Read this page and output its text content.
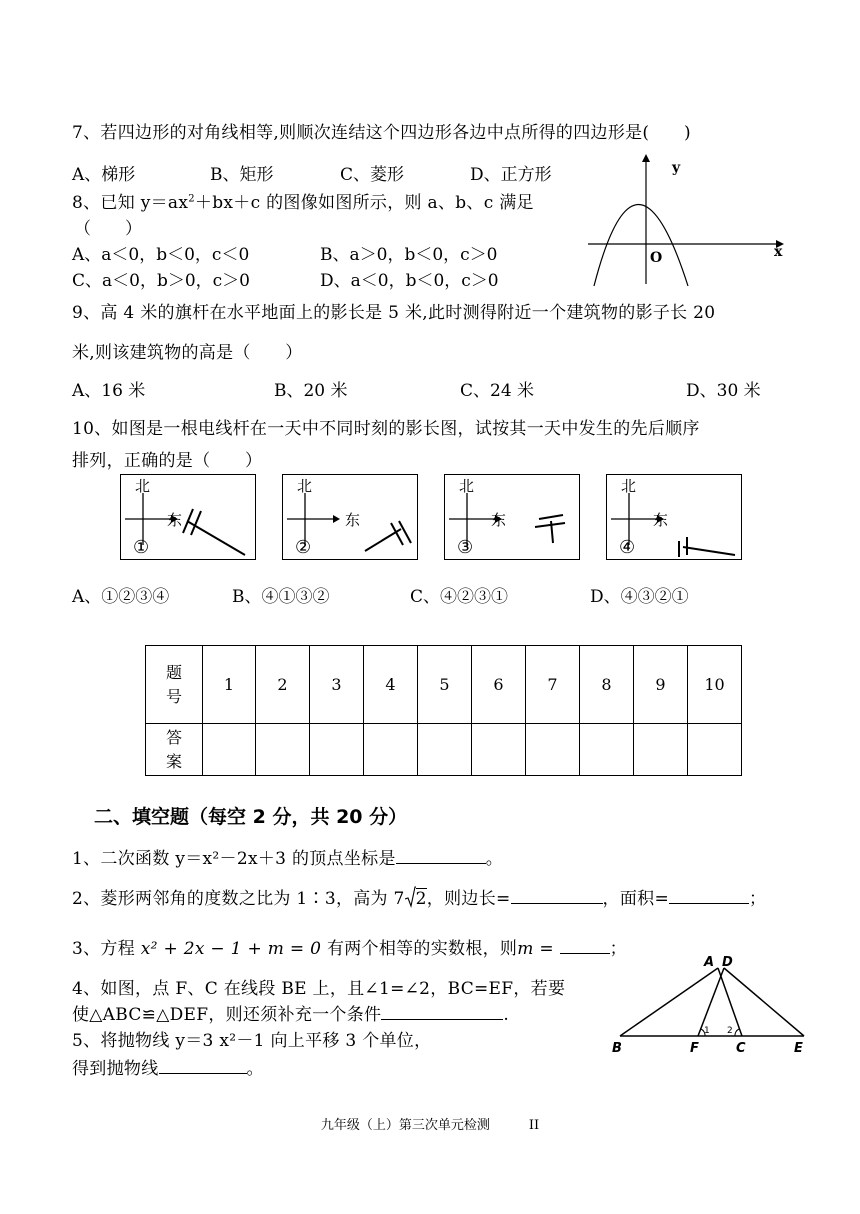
7、若四边形的对角线相等,则顺次连结这个四边形各边中点所得的四边形是(　　)
A、梯形	B、矩形	C、菱形	D、正方形
8、已知 $y=ax^2+bx+c$ 的图像如图所示，则 a、b、c 满足
（　　）
A、a＜0，b＜0，c＜0	B、a＞0，b＜0，c＞0
C、a＜0，b＞0，c＞0	D、a＜0，b＜0，c＞0
y
x
O
9、高 4 米的旗杆在水平地面上的影长是 5 米,此时测得附近一个建筑物的影子长 20
米,则该建筑物的高是（　　）
A、16 米	B、20 米	C、24 米	D、30 米
10、如图是一根电线杆在一天中不同时刻的影长图，试按其一天中发生的先后顺序
排列，正确的是（　　）
北
东
①
北
东
②
北
东
③
北
东
④
A、①②③④	B、④①③②	C、④②③①	D、④③②①
题
号	1	2	3	4	5	6	7	8	9	10

答
案										

二、填空题（每空 2 分，共 20 分）
1、二次函数 y＝x²－2x＋3 的顶点坐标是	。
2、菱形两邻角的度数之比为 1∶3，高为 7 2，则边长=	，面积=	；
3、方程 x² + 2x − 1 + m = 0 有两个相等的实数根，则m =	；
4、如图，点 F、C 在线段 BE 上，且∠1=∠2，BC=EF，若要
使△ABC≌△DEF，则还须补充一个条件	.
5、将抛物线 y＝3 x²－1 向上平移 3 个单位，
得到抛物线	。
A D
B	F	C	E
1 2
九年级（上）第三次单元检测　　　II
